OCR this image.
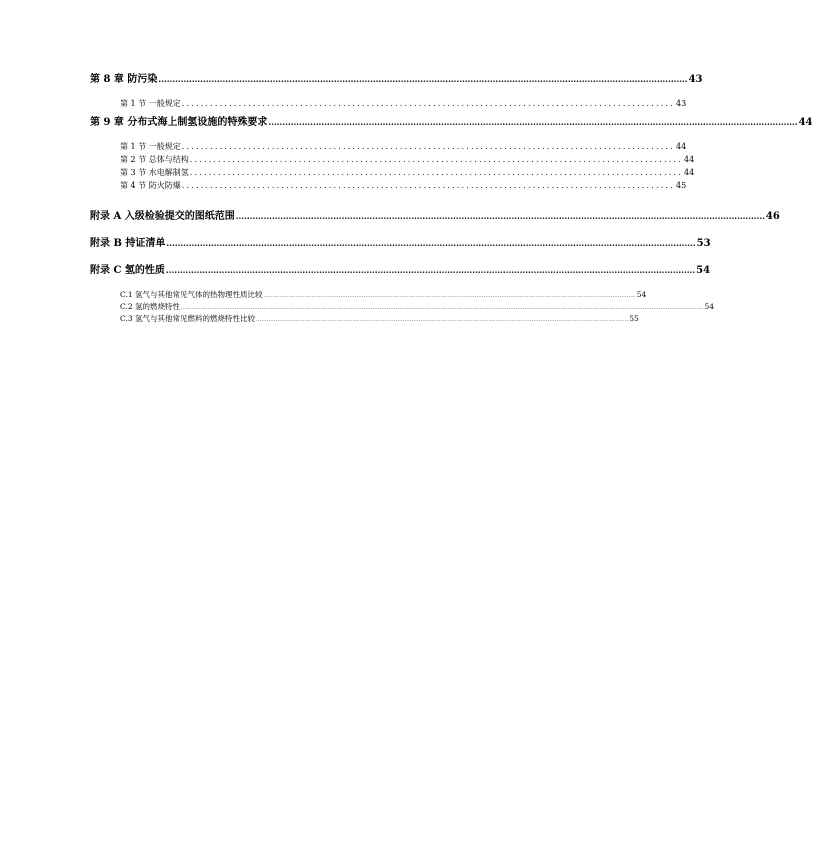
第 8 章 防污染 .............................................................................................................................................................................................. 43
第 1 节 一般规定 ........................................................................................................ 43
第 9 章 分布式海上制氢设施的特殊要求 .............................................................................................................................................................................................. 44
第 1 节 一般规定 ........................................................................................................ 44
第 2 节 总体与结构 ........................................................................................................ 44
第 3 节 水电解制氢 ........................................................................................................ 44
第 4 节 防火防爆 ........................................................................................................ 45
附录 A 入级检验提交的图纸范围 .............................................................................................................................................................................................. 46
附录 B 持证清单 .............................................................................................................................................................................................. 53
附录 C 氢的性质 .............................................................................................................................................................................................. 54
C.1 氢气与其他常见气体的热物理性质比较 ................................................................................................................................................................................................................ 54
C.2 氢的燃烧特性 .................................................................................................................................................................................................................................................................................................... 54
C.3 氢气与其他常见燃料的燃烧特性比较 ................................................................................................................................................................................................................ 55
